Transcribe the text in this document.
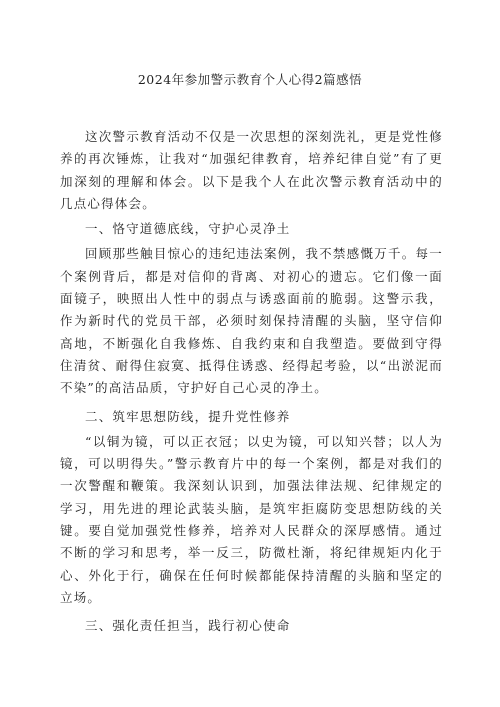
2024年参加警示教育个人心得2篇感悟

这次警示教育活动不仅是一次思想的深刻洗礼，更是党性修养的再次锤炼，让我对“加强纪律教育，培养纪律自觉”有了更加深刻的理解和体会。以下是我个人在此次警示教育活动中的几点心得体会。

一、恪守道德底线，守护心灵净土

回顾那些触目惊心的违纪违法案例，我不禁感慨万千。每一个案例背后，都是对信仰的背离、对初心的遗忘。它们像一面面镜子，映照出人性中的弱点与诱惑面前的脆弱。这警示我，作为新时代的党员干部，必须时刻保持清醒的头脑，坚守信仰高地，不断强化自我修炼、自我约束和自我塑造。要做到守得住清贫、耐得住寂寞、抵得住诱惑、经得起考验，以“出淤泥而不染”的高洁品质，守护好自己心灵的净土。

二、筑牢思想防线，提升党性修养

“以铜为镜，可以正衣冠；以史为镜，可以知兴替；以人为镜，可以明得失。”警示教育片中的每一个案例，都是对我们的一次警醒和鞭策。我深刻认识到，加强法律法规、纪律规定的学习，用先进的理论武装头脑，是筑牢拒腐防变思想防线的关键。要自觉加强党性修养，培养对人民群众的深厚感情。通过不断的学习和思考，举一反三，防微杜渐，将纪律规矩内化于心、外化于行，确保在任何时候都能保持清醒的头脑和坚定的立场。

三、强化责任担当，践行初心使命
